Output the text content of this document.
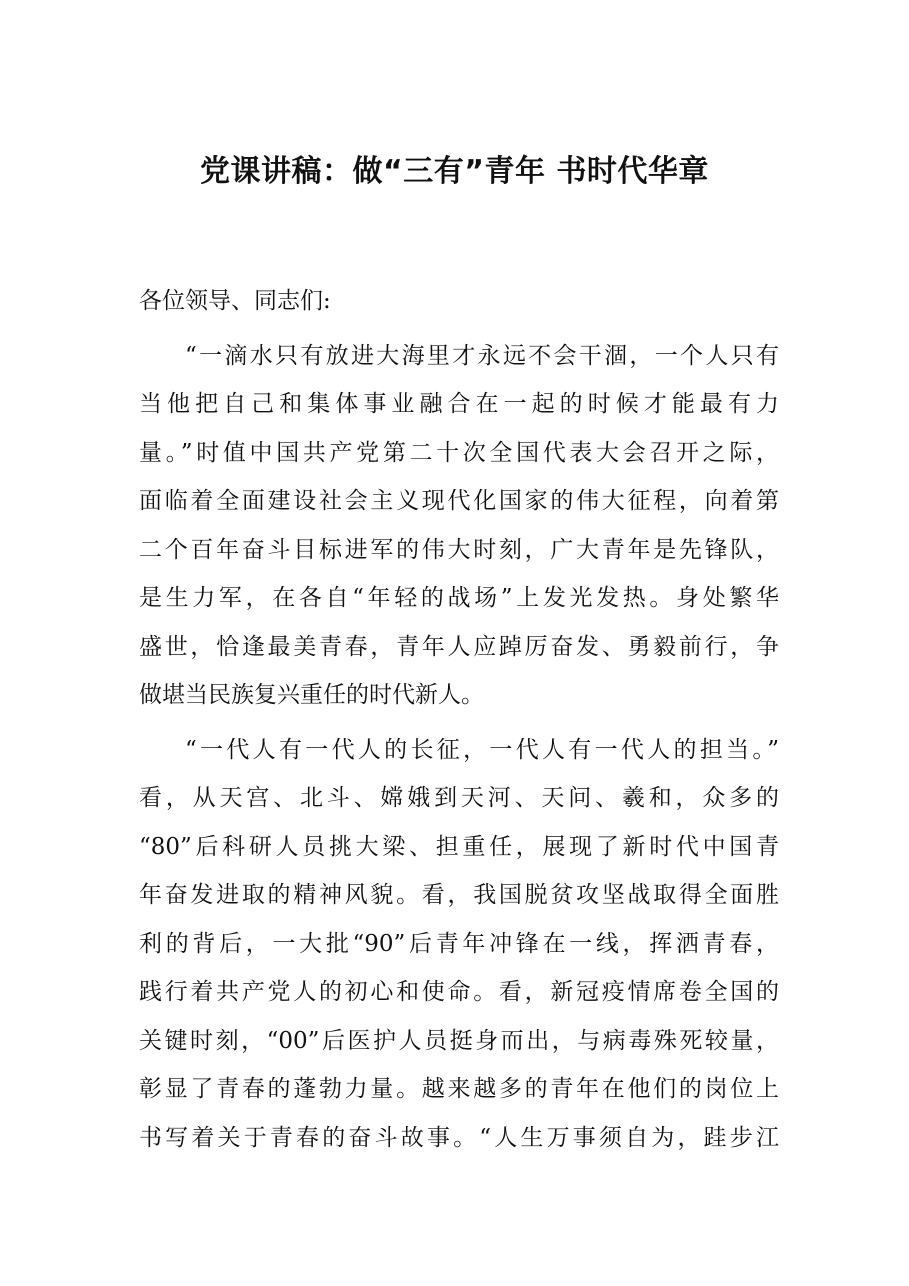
党课讲稿：做“三有”青年 书时代华章
各位领导、同志们:
“一滴水只有放进大海里才永远不会干涸，一个人只有
当他把自己和集体事业融合在一起的时候才能最有力
量。”时值中国共产党第二十次全国代表大会召开之际，
面临着全面建设社会主义现代化国家的伟大征程，向着第
二个百年奋斗目标进军的伟大时刻，广大青年是先锋队，
是生力军，在各自“年轻的战场”上发光发热。身处繁华
盛世，恰逢最美青春，青年人应踔厉奋发、勇毅前行，争
做堪当民族复兴重任的时代新人。
“一代人有一代人的长征，一代人有一代人的担当。”
看，从天宫、北斗、嫦娥到天河、天问、羲和，众多的
“80”后科研人员挑大梁、担重任，展现了新时代中国青
年奋发进取的精神风貌。看，我国脱贫攻坚战取得全面胜
利的背后，一大批“90”后青年冲锋在一线，挥洒青春，
践行着共产党人的初心和使命。看，新冠疫情席卷全国的
关键时刻，“00”后医护人员挺身而出，与病毒殊死较量，
彰显了青春的蓬勃力量。越来越多的青年在他们的岗位上
书写着关于青春的奋斗故事。“人生万事须自为，跬步江
